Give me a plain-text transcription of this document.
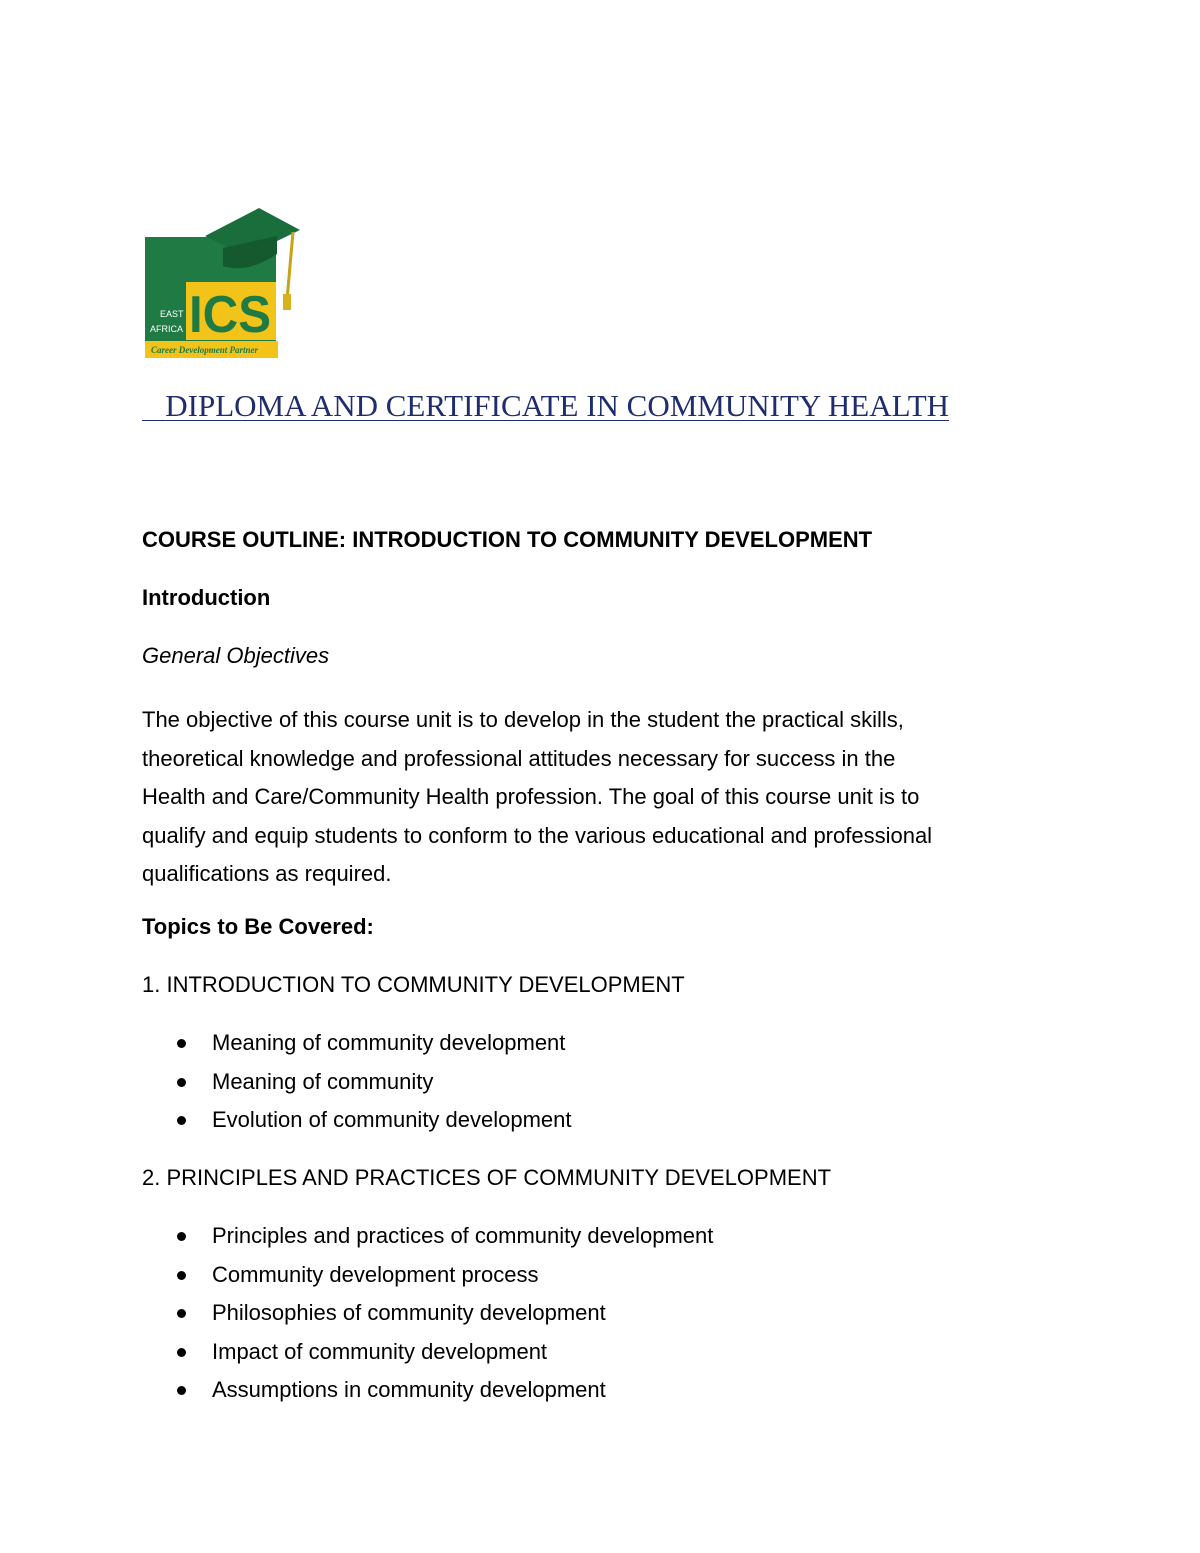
ICS
EAST
AFRICA
Career Development Partner
DIPLOMA AND CERTIFICATE IN COMMUNITY HEALTH

COURSE OUTLINE: INTRODUCTION TO COMMUNITY DEVELOPMENT

Introduction

General Objectives

The objective of this course unit is to develop in the student the practical skills,
theoretical knowledge and professional attitudes necessary for success in the
Health and Care/Community Health profession. The goal of this course unit is to
qualify and equip students to conform to the various educational and professional
qualifications as required.

Topics to Be Covered:

1. INTRODUCTION TO COMMUNITY DEVELOPMENT

Meaning of community development
Meaning of community
Evolution of community development

2. PRINCIPLES AND PRACTICES OF COMMUNITY DEVELOPMENT

Principles and practices of community development
Community development process
Philosophies of community development
Impact of community development
Assumptions in community development
